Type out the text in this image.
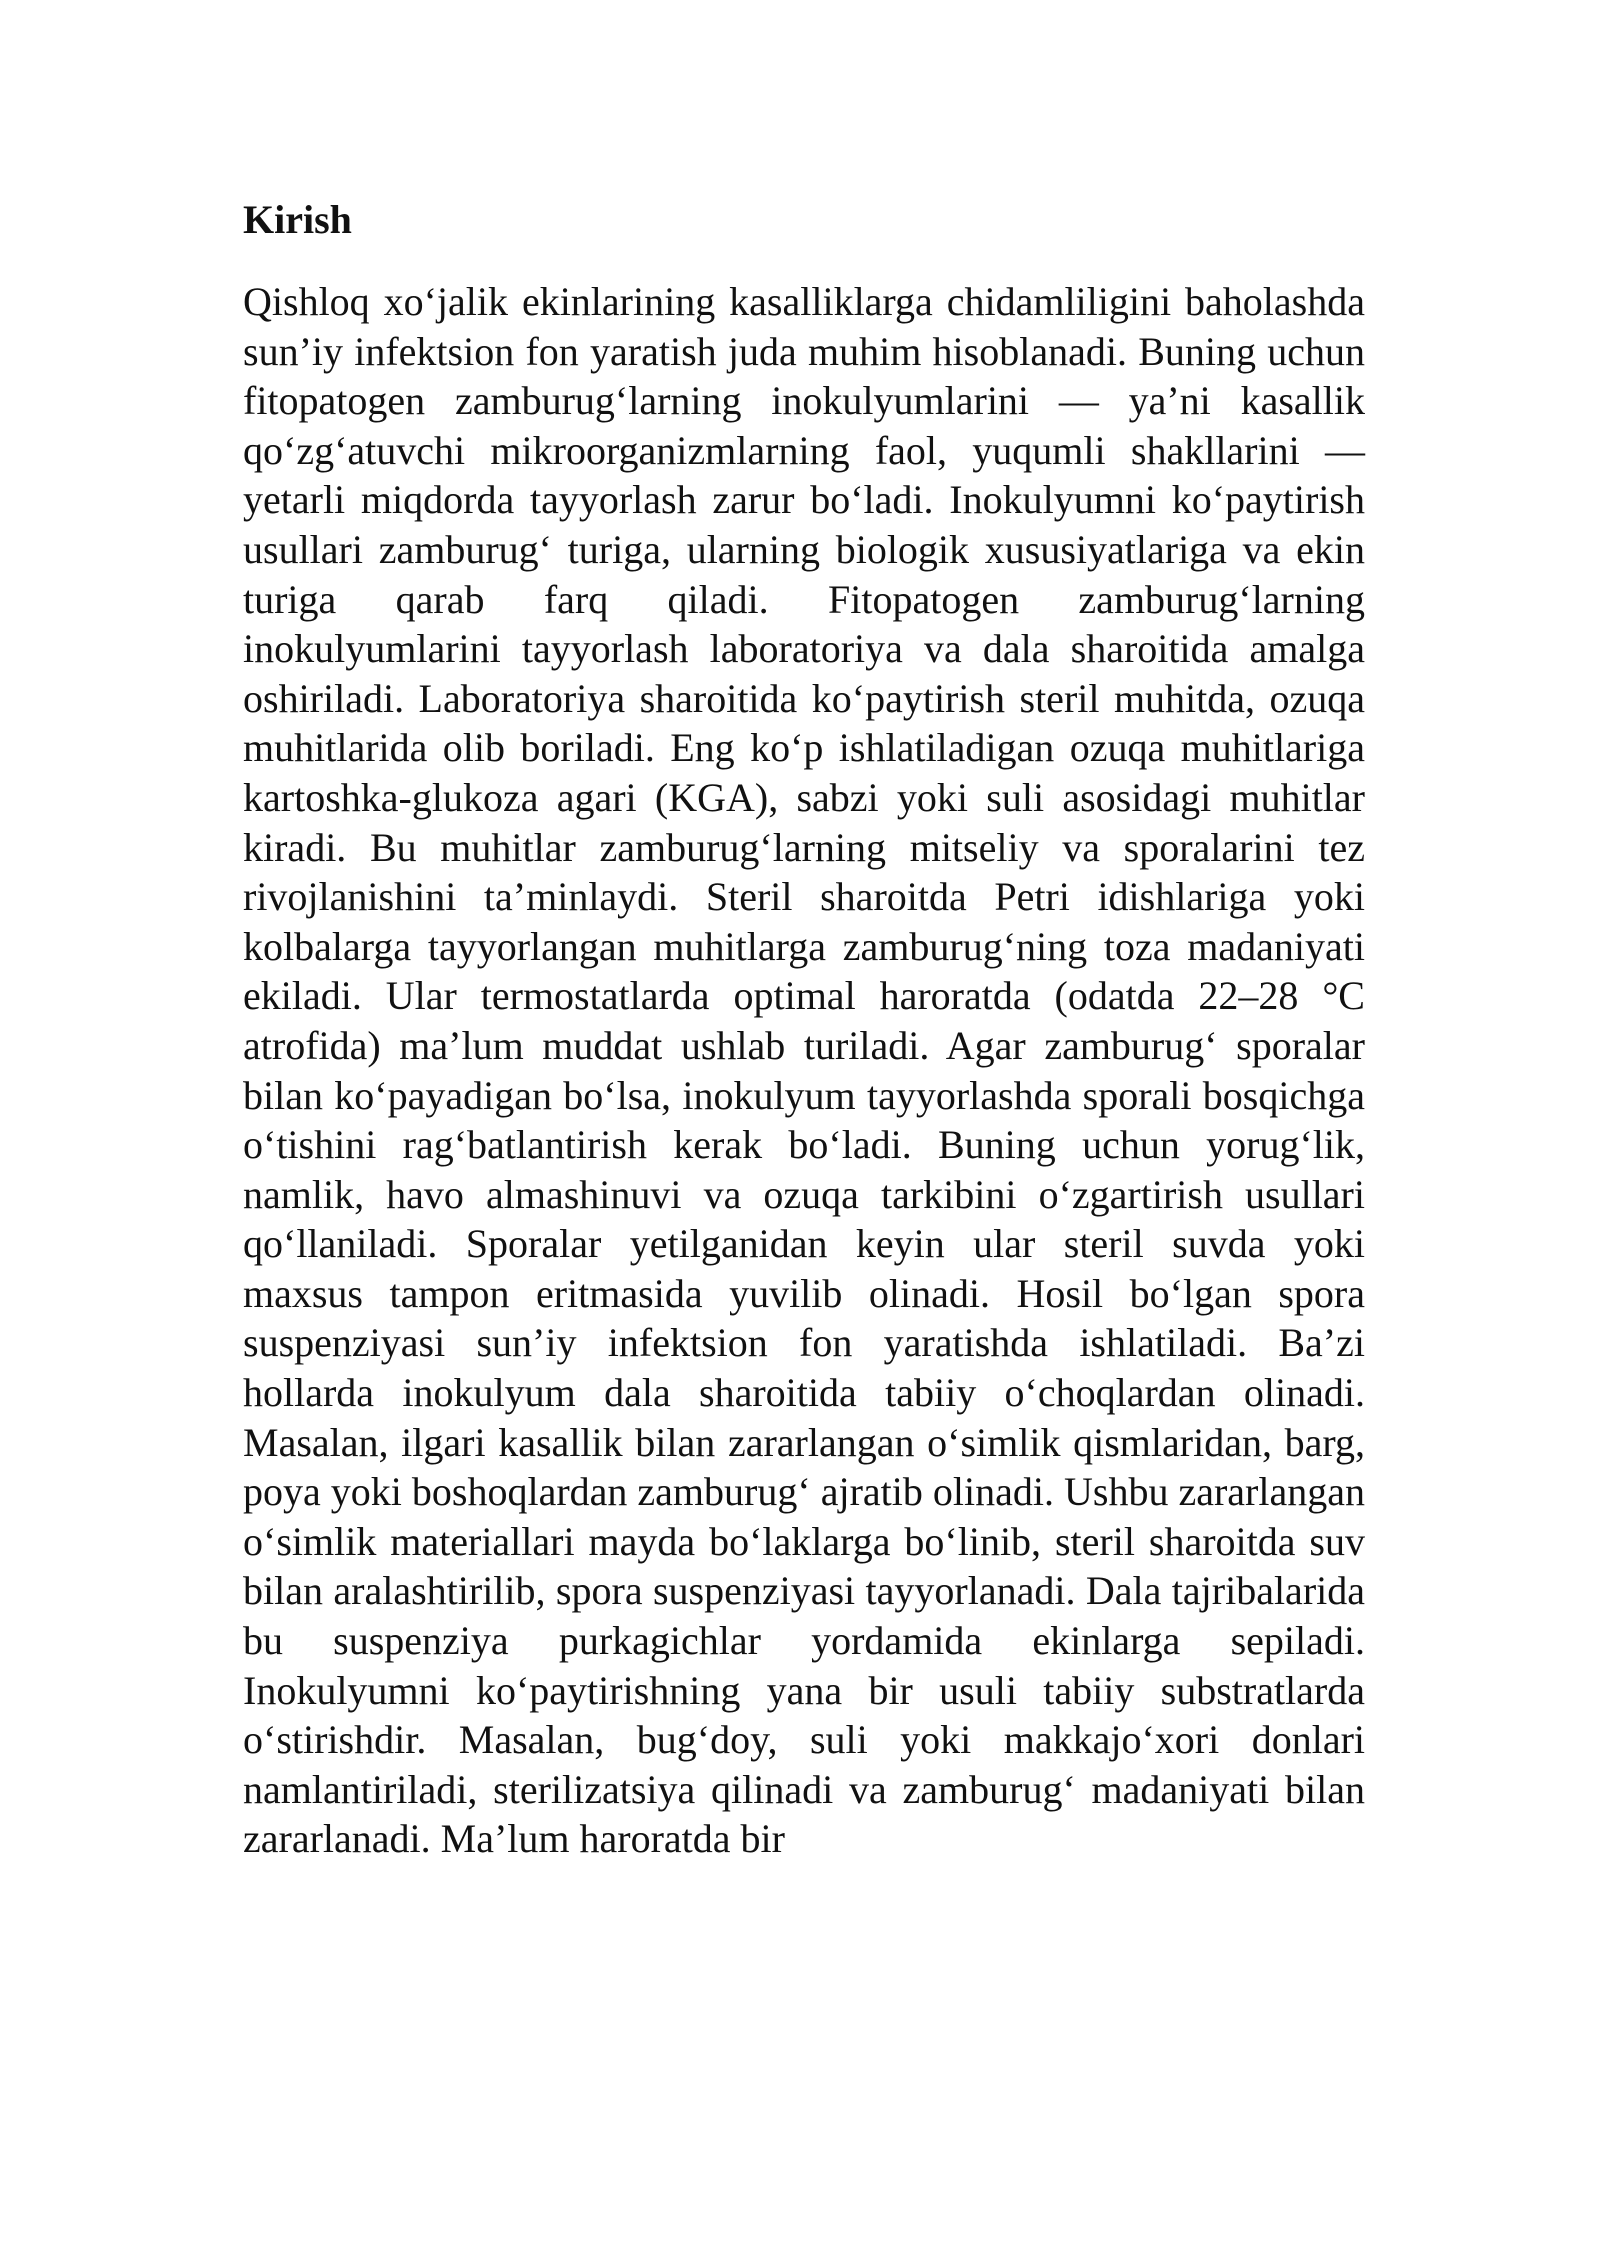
Kirish

Qishloq xo‘jalik ekinlarining kasalliklarga chidamliligini baholashda sun’iy infektsion fon yaratish juda muhim hisoblanadi. Buning uchun fitopatogen zamburug‘larning inokulyumlarini — ya’ni kasallik qo‘zg‘atuvchi mikroorganizmlarning faol, yuqumli shakllarini — yetarli miqdorda tayyorlash zarur bo‘ladi. Inokulyumni ko‘paytirish usullari zamburug‘ turiga, ularning biologik xususiyatlariga va ekin turiga qarab farq qiladi. Fitopatogen zamburug‘larning inokulyumlarini tayyorlash laboratoriya va dala sharoitida amalga oshiriladi. Laboratoriya sharoitida ko‘paytirish steril muhitda, ozuqa muhitlarida olib boriladi. Eng ko‘p ishlatiladigan ozuqa muhitlariga kartoshka-glukoza agari (KGA), sabzi yoki suli asosidagi muhitlar kiradi. Bu muhitlar zamburug‘larning mitseliy va sporalarini tez rivojlanishini ta’minlaydi. Steril sharoitda Petri idishlariga yoki kolbalarga tayyorlangan muhitlarga zamburug‘ning toza madaniyati ekiladi. Ular termostatlarda optimal haroratda (odatda 22–28 °C atrofida) ma’lum muddat ushlab turiladi. Agar zamburug‘ sporalar bilan ko‘payadigan bo‘lsa, inokulyum tayyorlashda sporali bosqichga o‘tishini rag‘batlantirish kerak bo‘ladi. Buning uchun yorug‘lik, namlik, havo almashinuvi va ozuqa tarkibini o‘zgartirish usullari qo‘llaniladi. Sporalar yetilganidan keyin ular steril suvda yoki maxsus tampon eritmasida yuvilib olinadi. Hosil bo‘lgan spora suspenziyasi sun’iy infektsion fon yaratishda ishlatiladi. Ba’zi hollarda inokulyum dala sharoitida tabiiy o‘choqlardan olinadi. Masalan, ilgari kasallik bilan zararlangan o‘simlik qismlaridan, barg, poya yoki boshoqlardan zamburug‘ ajratib olinadi. Ushbu zararlangan o‘simlik materiallari mayda bo‘laklarga bo‘linib, steril sharoitda suv bilan aralashtirilib, spora suspenziyasi tayyorlanadi. Dala tajribalarida bu suspenziya purkagichlar yordamida ekinlarga sepiladi. Inokulyumni ko‘paytirishning yana bir usuli tabiiy substratlarda o‘stirishdir. Masalan, bug‘doy, suli yoki makkajo‘xori donlari namlantiriladi, sterilizatsiya qilinadi va zamburug‘ madaniyati bilan zararlanadi. Ma’lum haroratda bir
